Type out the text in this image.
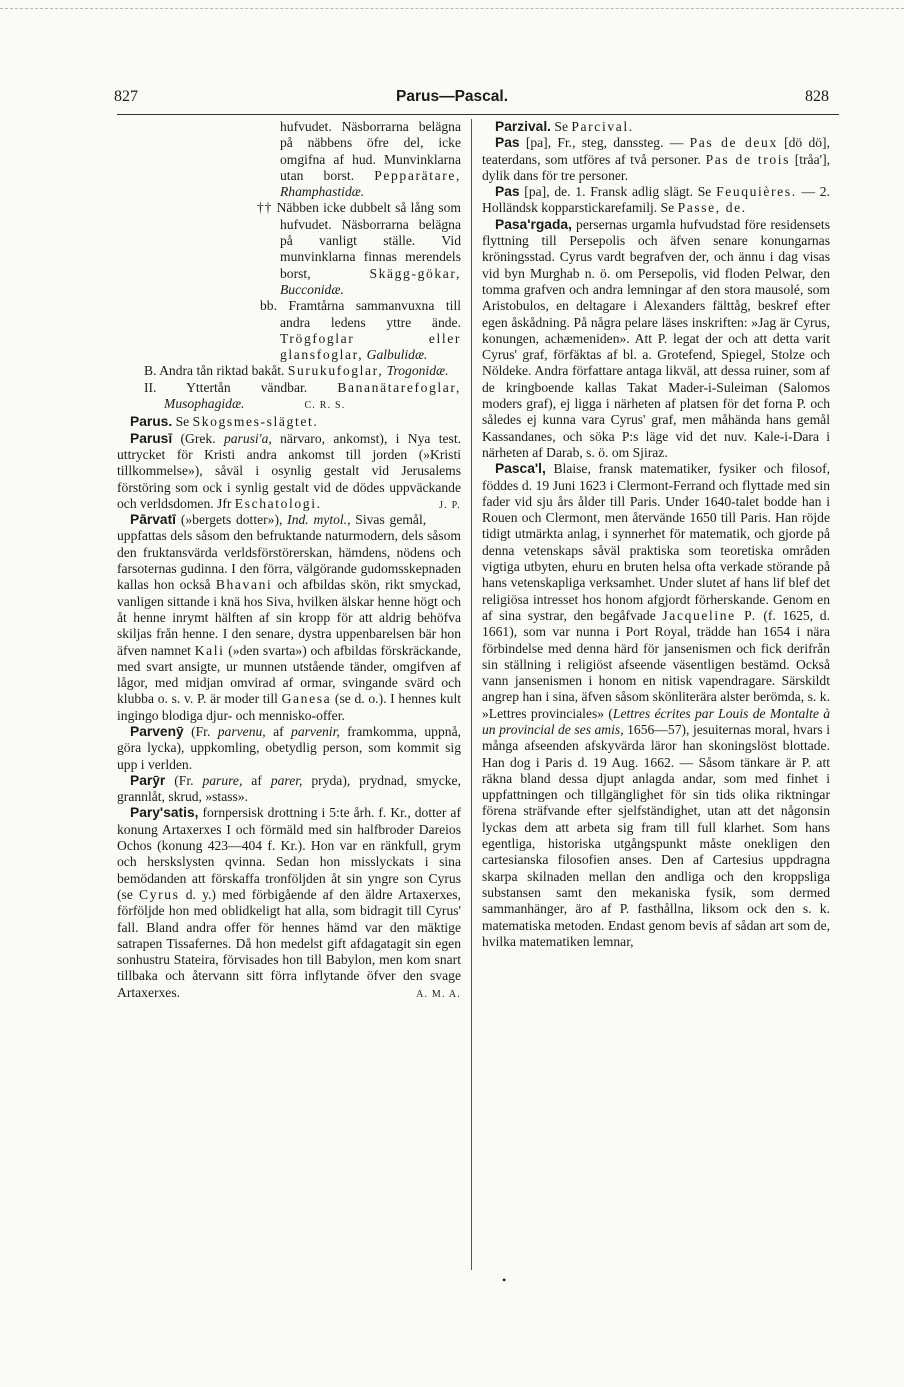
827	Parus—Pascal.	828

hufvudet. Näsborrarna belägna på näbbens öfre del, icke omgifna af hud. Munvinklarna utan borst. Pepparätare, Rhamphastidæ.

†† Näbben icke dubbelt så lång som hufvudet. Näsborrarna belägna på vanligt ställe. Vid munvinklarna finnas merendels borst, Skägg-gökar, Bucconidæ.

bb. Framtårna sammanvuxna till andra ledens yttre ände. Trögfoglar eller glansfoglar, Galbulidæ.

B. Andra tån riktad bakåt. Surukufoglar, Trogonidæ.

II. Yttertån vändbar. Bananätarefoglar, Musophagidæ.	C. R. S.

Parus. Se Skogsmes-slägtet.

Parusī (Grek. parusi'a, närvaro, ankomst), i Nya test. uttrycket för Kristi andra ankomst till jorden (»Kristi tillkommelse»), såväl i osynlig gestalt vid Jerusalems förstöring som ock i synlig gestalt vid de dödes uppväckande och verldsdomen. Jfr Eschatologi.	J. P.

Pārvatī (»bergets dotter»), Ind. mytol., Sivas gemål, uppfattas dels såsom den befruktande naturmodern, dels såsom den fruktansvärda verldsförstörerskan, hämdens, nödens och farsoternas gudinna. I den förra, välgörande gudomsskepnaden kallas hon också Bhavani och afbildas skön, rikt smyckad, vanligen sittande i knä hos Siva, hvilken älskar henne högt och åt henne inrymt hälften af sin kropp för att aldrig behöfva skiljas från henne. I den senare, dystra uppenbarelsen bär hon äfven namnet Kali (»den svarta») och afbildas förskräckande, med svart ansigte, ur munnen utstående tänder, omgifven af lågor, med midjan omvirad af ormar, svingande svärd och klubba o. s. v. P. är moder till Ganesa (se d. o.). I hennes kult ingingo blodiga djur- och mennisko-offer.

Parvenȳ (Fr. parvenu, af parvenir, framkomma, uppnå, göra lycka), uppkomling, obetydlig person, som kommit sig upp i verlden.

Parȳr (Fr. parure, af parer, pryda), prydnad, smycke, grannlåt, skrud, »stass».

Pary'satis, fornpersisk drottning i 5:te årh. f. Kr., dotter af konung Artaxerxes I och förmäld med sin halfbroder Dareios Ochos (konung 423—404 f. Kr.). Hon var en ränkfull, grym och herskslysten qvinna. Sedan hon misslyckats i sina bemödanden att förskaffa tronföljden åt sin yngre son Cyrus (se Cyrus d. y.) med förbigående af den äldre Artaxerxes, förföljde hon med oblidkeligt hat alla, som bidragit till Cyrus' fall. Bland andra offer för hennes hämd var den mäktige satrapen Tissafernes. Då hon medelst gift afdagatagit sin egen sonhustru Stateira, förvisades hon till Babylon, men kom snart tillbaka och återvann sitt förra inflytande öfver den svage Artaxerxes.	A. M. A.

Parzival. Se Parcival.

Pas [pa], Fr., steg, danssteg. — Pas de deux [dö dö], teaterdans, som utföres af två personer. Pas de trois [tråa'], dylik dans för tre personer.

Pas [pa], de. 1. Fransk adlig slägt. Se Feuquières. — 2. Holländsk kopparstickarefamilj. Se Passe, de.

Pasa'rgada, persernas urgamla hufvudstad före residensets flyttning till Persepolis och äfven senare konungarnas kröningsstad. Cyrus vardt begrafven der, och ännu i dag visas vid byn Murghab n. ö. om Persepolis, vid floden Pelwar, den tomma grafven och andra lemningar af den stora mausolé, som Aristobulos, en deltagare i Alexanders fälttåg, beskref efter egen åskådning. På några pelare läses inskriften: »Jag är Cyrus, konungen, achæmeniden». Att P. legat der och att detta varit Cyrus' graf, förfäktas af bl. a. Grotefend, Spiegel, Stolze och Nöldeke. Andra författare antaga likväl, att dessa ruiner, som af de kringboende kallas Takat Mader-i-Suleiman (Salomos moders graf), ej ligga i närheten af platsen för det forna P. och således ej kunna vara Cyrus' graf, men måhända hans gemål Kassandanes, och söka P:s läge vid det nuv. Kale-i-Dara i närheten af Darab, s. ö. om Sjiraz.

Pasca'l, Blaise, fransk matematiker, fysiker och filosof, föddes d. 19 Juni 1623 i Clermont-Ferrand och flyttade med sin fader vid sju års ålder till Paris. Under 1640-talet bodde han i Rouen och Clermont, men återvände 1650 till Paris. Han röjde tidigt utmärkta anlag, i synnerhet för matematik, och gjorde på denna vetenskaps såväl praktiska som teoretiska områden vigtiga utbyten, ehuru en bruten helsa ofta verkade störande på hans vetenskapliga verksamhet. Under slutet af hans lif blef det religiösa intresset hos honom afgjordt förherskande. Genom en af sina systrar, den begåfvade Jacqueline P. (f. 1625, d. 1661), som var nunna i Port Royal, trädde han 1654 i nära förbindelse med denna härd för jansenismen och fick derifrån sin ställning i religiöst afseende väsentligen bestämd. Också vann jansenismen i honom en nitisk vapendragare. Särskildt angrep han i sina, äfven såsom skönliterära alster berömda, s. k. »Lettres provinciales» (Lettres écrites par Louis de Montalte à un provincial de ses amis, 1656—57), jesuiternas moral, hvars i många afseenden afskyvärda läror han skoningslöst blottade. Han dog i Paris d. 19 Aug. 1662. — Såsom tänkare är P. att räkna bland dessa djupt anlagda andar, som med finhet i uppfattningen och tillgänglighet för sin tids olika riktningar förena sträfvande efter sjelfständighet, utan att det någonsin lyckas dem att arbeta sig fram till full klarhet. Som hans egentliga, historiska utgångspunkt måste onekligen den cartesianska filosofien anses. Den af Cartesius uppdragna skarpa skilnaden mellan den andliga och den kroppsliga substansen samt den mekaniska fysik, som dermed sammanhänger, äro af P. fasthållna, liksom ock den s. k. matematiska metoden. Endast genom bevis af sådan art som de, hvilka matematiken lemnar,

•
